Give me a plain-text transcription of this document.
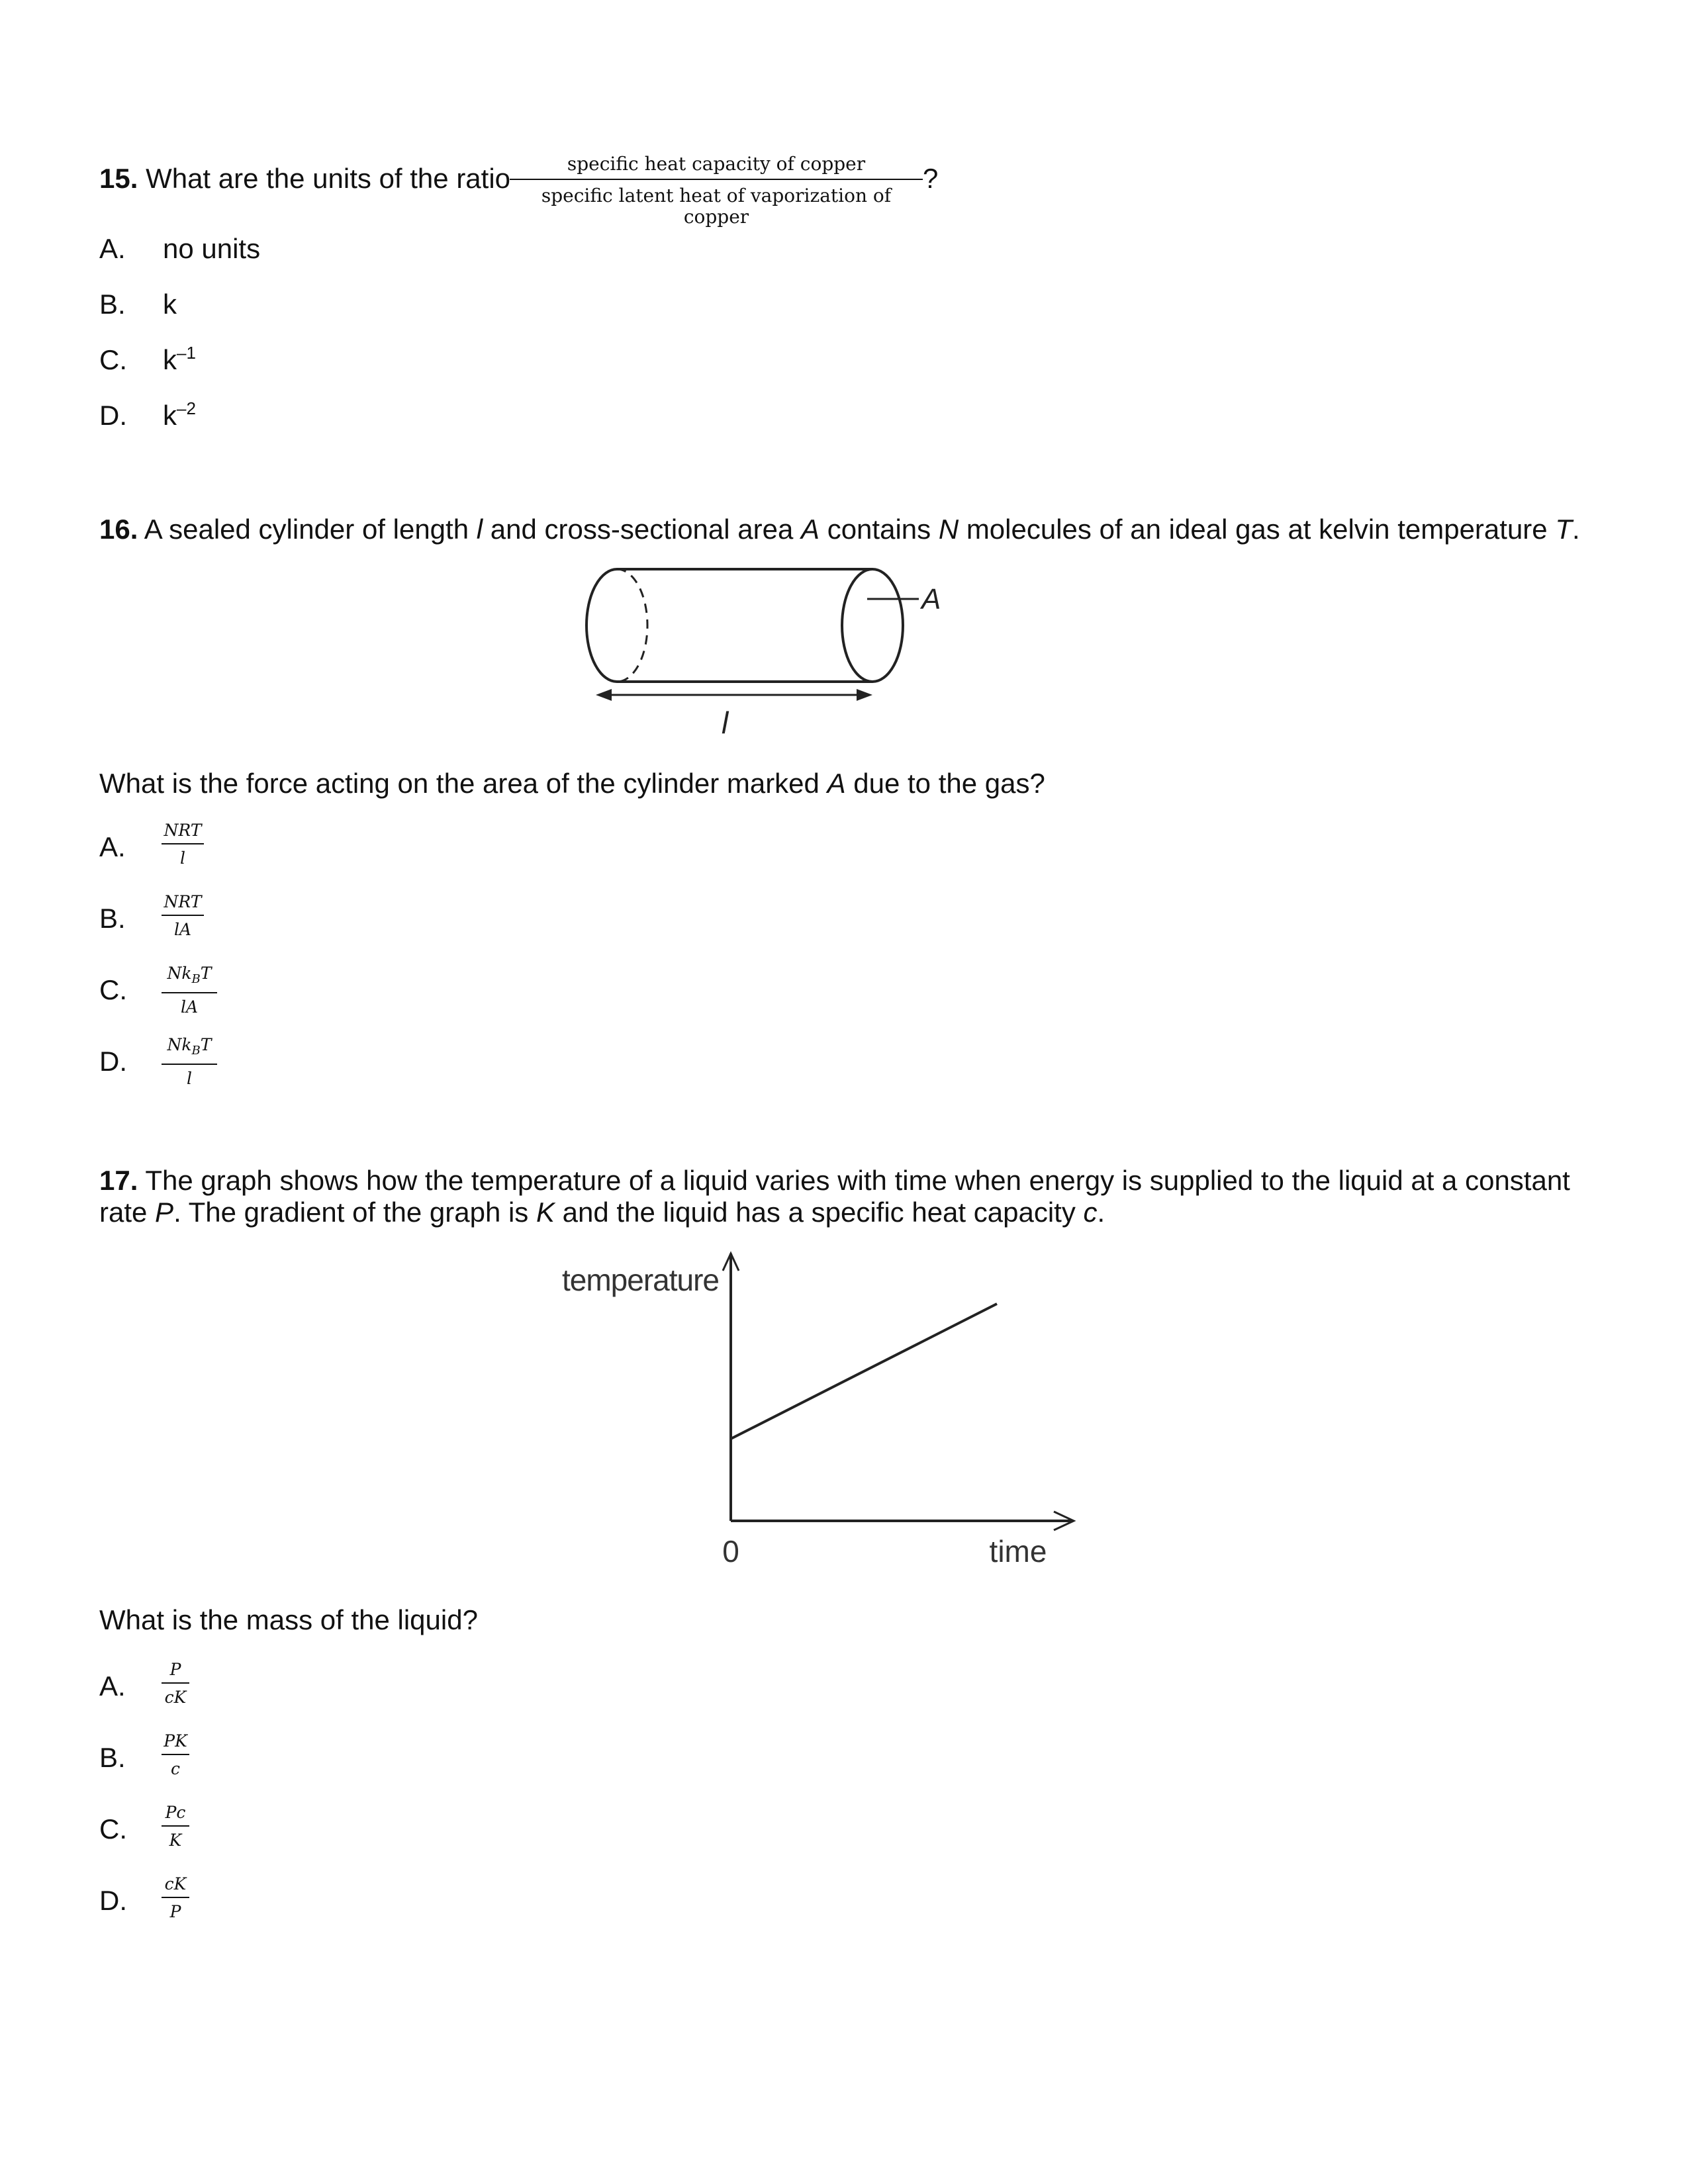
15. What are the units of the ratio	specific heat capacity of copper
specific latent heat of vaporization of copper
?
A. no units
B. k
C. $k^{-1}$
D. $k^{-2}$
16. A sealed cylinder of length l and cross-sectional area A contains N molecules of an ideal gas at kelvin temperature T.
A
l
What is the force acting on the area of the cylinder marked A due to the gas?
A.
NRT
l
B.
NRT
lA
C.
$Nk_BT$
lA
D.
$Nk_BT$
l
17. The graph shows how the temperature of a liquid varies with time when energy is supplied to the liquid at a constant
rate P. The gradient of the graph is K and the liquid has a specific heat capacity c.
temperature
0	time
What is the mass of the liquid?
A.
P
cK
B.
PK
c
C.
Pc
K
D.
cK
P
